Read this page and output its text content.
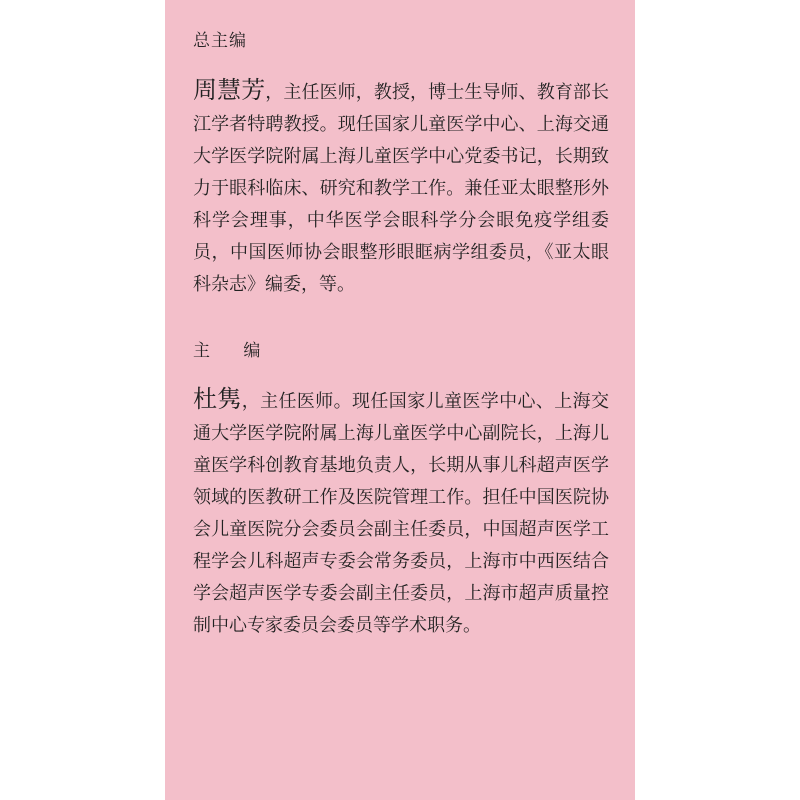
总主编

周慧芳，主任医师，教授，博士生导师、教育部长江学者特聘教授。现任国家儿童医学中心、上海交通大学医学院附属上海儿童医学中心党委书记，长期致力于眼科临床、研究和教学工作。兼任亚太眼整形外科学会理事，中华医学会眼科学分会眼免疫学组委员，中国医师协会眼整形眼眶病学组委员，《亚太眼科杂志》编委，等。

主 编

杜隽，主任医师。现任国家儿童医学中心、上海交通大学医学院附属上海儿童医学中心副院长，上海儿童医学科创教育基地负责人，长期从事儿科超声医学领域的医教研工作及医院管理工作。担任中国医院协会儿童医院分会委员会副主任委员，中国超声医学工程学会儿科超声专委会常务委员，上海市中西医结合学会超声医学专委会副主任委员，上海市超声质量控制中心专家委员会委员等学术职务。
